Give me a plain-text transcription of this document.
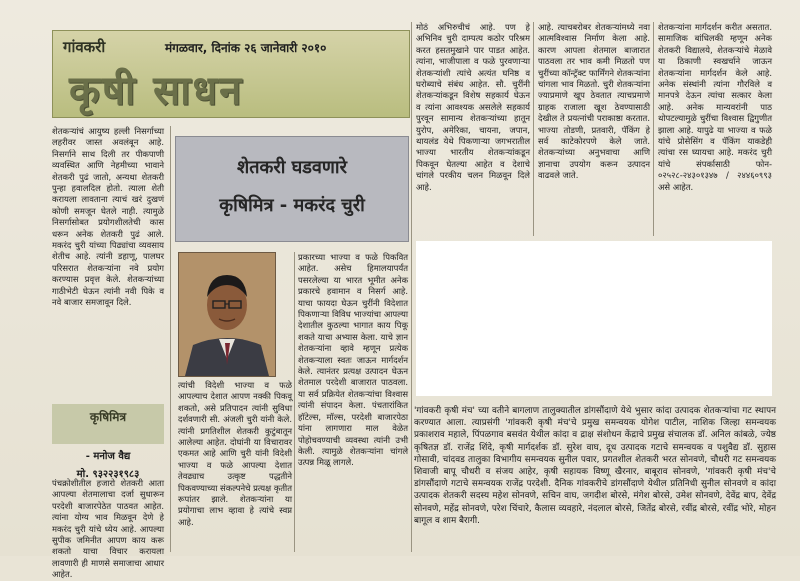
गांवकरी	मंगळवार, दिनांक २६ जानेवारी २०१०
कृषी साधन
शेतकऱ्यांचं आयुष्य हल्ली निसर्गाच्या लहरीवर जास्त अवलंबून आहे. निसर्गाने साथ दिली तर पीकपाणी व्यवस्थित आणि नेहमीच्या भावाने शेतकरी पुढं जातो, अन्यथा शेतकरी पुन्हा हवालदिल होतो. त्याला शेती करायला लावताना त्याचं खरं दुखणं कोणी समजून घेतले नाही. त्यामुळे निसर्गासोबत प्रयोगशीलतेची कास धरून अनेक शेतकरी पुढं आले. मकरंद चुरी यांच्या पिढ्यांचा व्यवसाय शेतीच आहे. त्यांनी डहाणू, पालघर परिसरात शेतकऱ्यांना नवे प्रयोग करण्यास प्रवृत्त केले. शेतकऱ्यांच्या गाठीभेटी घेऊन त्यांनी नवी पिके व नवे बाजार समजावून दिले.
कृषिमित्र
- मनोज वैद्य
मो. ९३२२३१९८३
पंचक्रोशीतील हजारो शेतकरी आता आपल्या शेतमालाचा दर्जा सुधारून परदेशी बाजारपेठेत पाठवत आहेत. त्यांना योग्य भाव मिळवून देणे हे मकरंद चुरी यांचे ध्येय आहे. आपल्या सुपीक जमिनीत आपण काय करू शकतो याचा विचार करायला लावणारी ही माणसे समाजाचा आधार आहेत.
शेतकरी घडवणारे
कृषिमित्र - मकरंद चुरी
त्यांची विदेशी भाज्या व फळे आपल्याच देशात आपण नक्की पिकवू शकतो, असे प्रतिपादन त्यांनी सुविधा दर्शवणारी सी. अंजली चुरी यांनी केले. त्यांनी प्रगतिशील शेतकरी कुटुंबातून आलेल्या आहेत. दोघांनी या विचारावर एकमत आहे आणि चुरी यांनी विदेशी भाज्या व फळे आपल्या देशात तेवढ्याच उत्कृष्ट पद्धतीने पिकवण्याच्या संकल्पनेचे प्रत्यक्ष कृतीत रूपांतर झाले. शेतकऱ्यांना या प्रयोगाचा लाभ व्हावा हे त्यांचे स्वप्न आहे.
प्रकारच्या भाज्या व फळे पिकवित आहेत. असेच हिमालयापर्यंत पसरलेल्या या भारत भूमीत अनेक प्रकारचे हवामान व निसर्ग आहे. याचा फायदा घेऊन चुरींनी विदेशात पिकणाऱ्या विविध भाज्यांचा आपल्या देशातील कुठल्या भागात काय पिकू शकते याचा अभ्यास केला. याचे ज्ञान शेतकऱ्यांना व्हावे म्हणून प्रत्येक शेतकऱ्याला स्वतः जाऊन मार्गदर्शन केले. त्यानंतर प्रत्यक्ष उत्पादन घेऊन शेतमाल परदेशी बाजारात पाठवला. या सर्व प्रक्रियेत शेतकऱ्यांचा विश्वास त्यांनी संपादन केला. पंचतारांकित हॉटेल्स, मॉल्स, परदेशी बाजारपेठा यांना लागणारा माल वेळेत पोहोचवण्याची व्यवस्था त्यांनी उभी केली. त्यामुळे शेतकऱ्यांना चांगले उत्पन्न मिळू लागले.
मोठं अभिरुचीचं आहे. पण हे अभिनिव चुरी दाम्पत्य कठोर परिश्रम करत हसतमुखाने पार पाडत आहेत. त्यांना, भाजीपाला व फळे पुरवणाऱ्या शेतकऱ्यांशी त्यांचे अत्यंत घनिष्ठ व घरोब्याचे संबंध आहेत. सौ. चुरींनी शेतकऱ्यांकडून विशेष सहकार्य घेऊन व त्यांना आवश्यक असलेले सहकार्य पुरवून सामान्य शेतकऱ्यांच्या हातून युरोप, अमेरिका, चायना, जपान, थायलंड येथे पिकणाऱ्या जगभरातील भाज्या भारतीय शेतकऱ्यांकडून पिकवून घेतल्या आहेत व देशाचे चांगले परकीय चलन मिळवून दिले आहे.
आहे. त्याचबरोबर शेतकऱ्यांमध्ये नवा आत्मविश्वास निर्माण केला आहे. कारण आपला शेतमाल बाजारात पाठवला तर भाव कमी मिळतो पण चुरींच्या कॉन्ट्रॅक्ट फार्मिंगने शेतकऱ्यांना चांगला भाव मिळतो. चुरी शेतकऱ्यांना ज्याप्रमाणे खूप ठेवतात त्याचप्रमाणे ग्राहक राजाला खूश ठेवण्यासाठी देखील ते प्रयत्नांची पराकाष्ठा करतात. भाज्या तोडणी, प्रतवारी, पॅकिंग हे सर्व काटेकोरपणे केले जाते. शेतकऱ्यांच्या अनुभवाचा आणि ज्ञानाचा उपयोग करून उत्पादन वाढवले जाते.
शेतकऱ्यांना मार्गदर्शन करीत असतात. सामाजिक बांधिलकी म्हणून अनेक शेतकरी विद्यालये, शेतकऱ्यांचे मेळावे या ठिकाणी स्वखर्चाने जाऊन शेतकऱ्यांना मार्गदर्शन केले आहे. अनेक संस्थांनी त्यांना गौरविले व मानपत्रे देऊन त्यांचा सत्कार केला आहे. अनेक मान्यवरांनी पाठ थोपटल्यामुळे चुरींचा विश्वास द्विगुणीत झाला आहे. यापुढे या भाज्या व फळे यांचे प्रोसेसिंग व पॅकिंग याकडेही त्यांचा रस घ्यायचा आहे. मकरंद चुरी यांचे संपर्कासाठी फोन- ०२५२८-२४३०१३४७ / २४४६०९९३ असे आहेत.
'गांवकरी कृषी मंच' च्या वतीने बागलाण तालुक्यातील डांगसौंदाणे येथे भुसार कांदा उत्पादक शेतकऱ्यांचा गट स्थापन करण्यात आला. त्याप्रसंगी 'गांवकरी कृषी मंच'चे प्रमुख समन्वयक योगेश पाटील, नाशिक जिल्हा समन्वयक प्रकाशराव महाले, पिंपळगाव बसवंत येथील कांदा व द्राक्ष संशोधन केंद्राचे प्रमुख संचालक डॉ. अनिल कांबळे, ज्येष्ठ कृषितज्ञ डॉ. राजेंद्र शिंदे, कृषी मार्गदर्शक डॉ. सुरेश वाघ, दूध उत्पादक गटाचे समन्वयक व पशुवैद्य डॉ. सुहास गोसावी, चांदवड तालुका विभागीय समन्वयक सुनील पवार, प्रगतशील शेतकरी भरत सोनवणे, चौधरी गट समन्वयक शिवाजी बापू चौधरी व संजय आहेर, कृषी सहायक विष्णू खैरनार, बाबूराव सोनवणे, 'गांवकरी कृषी मंच'चे डांगसौंदाणे गटाचे समन्वयक राजेंद्र परदेशी. दैनिक गांवकरीचे डांगसौंदाणे येथील प्रतिनिधी सुनील सोनवणे व कांदा उत्पादक शेतकरी सदस्य महेश सोनवणे, सचिन वाघ, जगदीश बोरसे, मंगेश बोरसे, उमेश सोनवणे, देवेंद्र बाप, देवेंद्र सोनवणे, महेंद्र सोनवणे, परेश चिंचारे, कैलास व्यवहारे, नंदलाल बोरसे, जितेंद्र बोरसे, रवींद्र बोरसे, रवींद्र भोरे, मोहन बागूल व शाम बैरागी.
